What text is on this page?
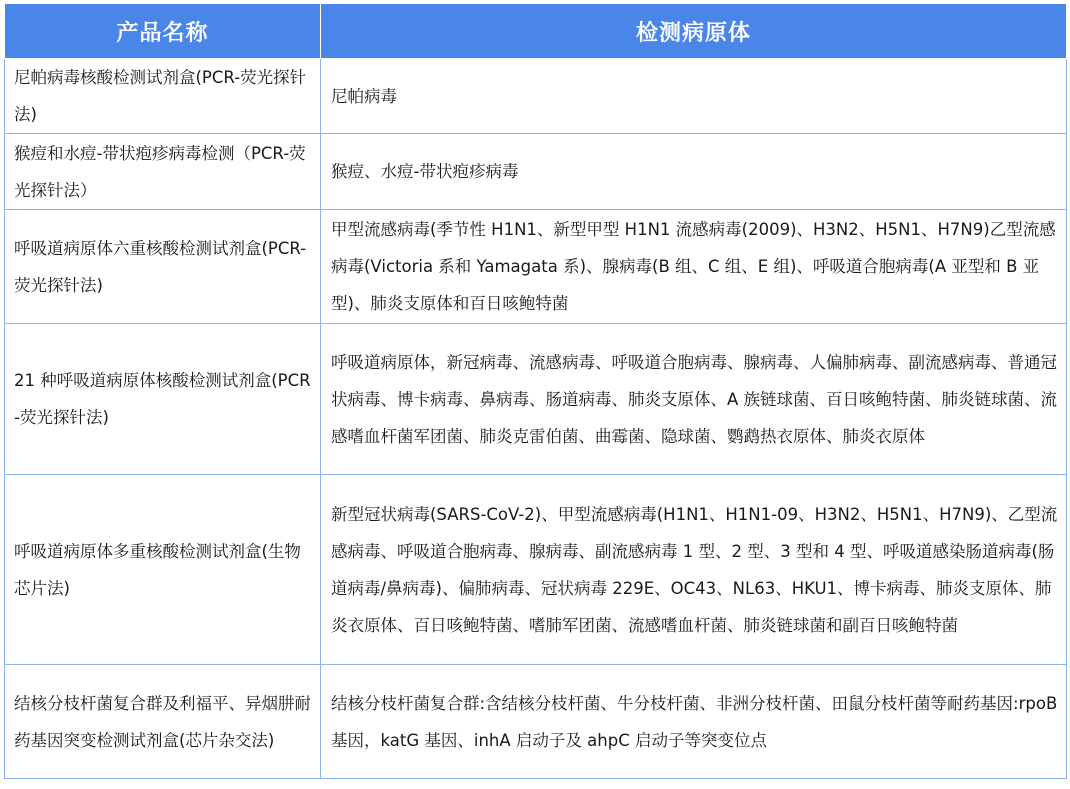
产品名称	检测病原体
尼帕病毒核酸检测试剂盒(PCR-荧光探针法)	尼帕病毒
猴痘和水痘-带状疱疹病毒检测（PCR-荧光探针法）	猴痘、水痘-带状疱疹病毒
呼吸道病原体六重核酸检测试剂盒(PCR-荧光探针法)	甲型流感病毒(季节性 H1N1、新型甲型 H1N1 流感病毒(2009)、H3N2、H5N1、H7N9)乙型流感病毒(Victoria 系和 Yamagata 系)、腺病毒(B 组、C 组、E 组)、呼吸道合胞病毒(A 亚型和 B 亚型)、肺炎支原体和百日咳鲍特菌
21 种呼吸道病原体核酸检测试剂盒(PCR-荧光探针法)	呼吸道病原体，新冠病毒、流感病毒、呼吸道合胞病毒、腺病毒、人偏肺病毒、副流感病毒、普通冠状病毒、博卡病毒、鼻病毒、肠道病毒、肺炎支原体、A 族链球菌、百日咳鲍特菌、肺炎链球菌、流感嗜血杆菌军团菌、肺炎克雷伯菌、曲霉菌、隐球菌、鹦鹉热衣原体、肺炎衣原体
呼吸道病原体多重核酸检测试剂盒(生物芯片法)	新型冠状病毒(SARS-CoV-2)、甲型流感病毒(H1N1、H1N1-09、H3N2、H5N1、H7N9)、乙型流感病毒、呼吸道合胞病毒、腺病毒、副流感病毒 1 型、2 型、3 型和 4 型、呼吸道感染肠道病毒(肠道病毒/鼻病毒)、偏肺病毒、冠状病毒 229E、OC43、NL63、HKU1、博卡病毒、肺炎支原体、肺炎衣原体、百日咳鲍特菌、嗜肺军团菌、流感嗜血杆菌、肺炎链球菌和副百日咳鲍特菌
结核分枝杆菌复合群及利福平、异烟肼耐药基因突变检测试剂盒(芯片杂交法)	结核分枝杆菌复合群:含结核分枝杆菌、牛分枝杆菌、非洲分枝杆菌、田鼠分枝杆菌等耐药基因:rpoB 基因，katG 基因、inhA 启动子及 ahpC 启动子等突变位点
